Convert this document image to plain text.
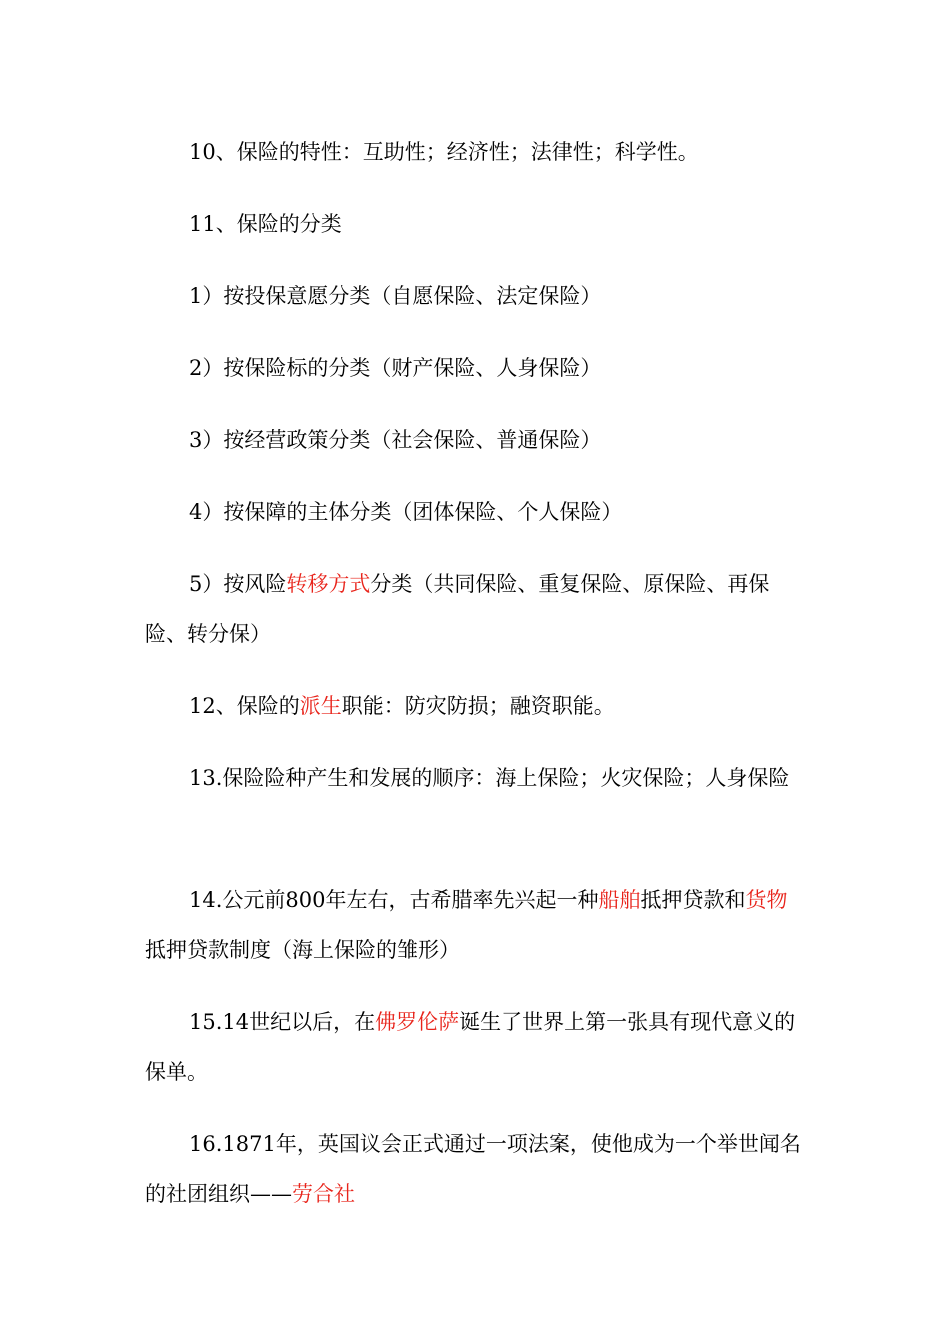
10、保险的特性：互助性；经济性；法律性；科学性。

11、保险的分类

1）按投保意愿分类（自愿保险、法定保险）

2）按保险标的分类（财产保险、人身保险）

3）按经营政策分类（社会保险、普通保险）

4）按保障的主体分类（团体保险、个人保险）

5）按风险转移方式分类（共同保险、重复保险、原保险、再保险、转分保）

12、保险的派生职能：防灾防损；融资职能。

13.保险险种产生和发展的顺序：海上保险；火灾保险；人身保险

14.公元前800年左右，古希腊率先兴起一种船舶抵押贷款和货物抵押贷款制度（海上保险的雏形）

15.14世纪以后，在佛罗伦萨诞生了世界上第一张具有现代意义的保单。

16.1871年，英国议会正式通过一项法案，使他成为一个举世闻名的社团组织——劳合社
